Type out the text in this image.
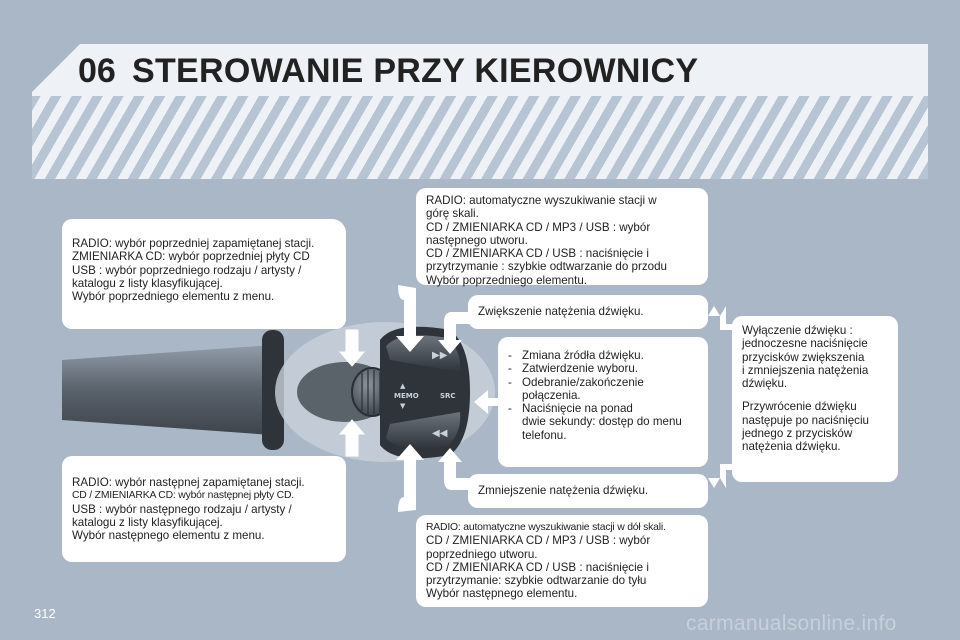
06 STEROWANIE PRZY KIEROWNICY
▶▶
◀◀
MEMO
▲
▼
SRC

RADIO: wybór poprzedniej zapamiętanej stacji.

ZMIENIARKA CD: wybór poprzedniej płyty CD

USB : wybór poprzedniego rodzaju / artysty /

katalogu z listy klasyfikującej.

Wybór poprzedniego elementu z menu.

RADIO: wybór następnej zapamiętanej stacji.

CD / ZMIENIARKA CD: wybór następnej płyty CD.

USB : wybór następnego rodzaju / artysty /

katalogu z listy klasyfikującej.

Wybór następnego elementu z menu.

RADIO: automatyczne wyszukiwanie stacji w

górę skali.

CD / ZMIENIARKA CD / MP3 / USB : wybór

następnego utworu.

CD / ZMIENIARKA CD / USB : naciśnięcie i

przytrzymanie : szybkie odtwarzanie do przodu

Wybór poprzedniego elementu.

Zwiększenie natężenia dźwięku.

- Zmiana źródła dźwięku.
- Zatwierdzenie wyboru.
- Odebranie/zakończenie
połączenia.
- Naciśnięcie na ponad
dwie sekundy: dostęp do menu
telefonu.

Zmniejszenie natężenia dźwięku.

RADIO: automatyczne wyszukiwanie stacji w dół skali.

CD / ZMIENIARKA CD / MP3 / USB : wybór

poprzedniego utworu.

CD / ZMIENIARKA CD / USB : naciśnięcie i

przytrzymanie: szybkie odtwarzanie do tyłu

Wybór następnego elementu.

Wyłączenie dźwięku :

jednoczesne naciśnięcie

przycisków zwiększenia

i zmniejszenia natężenia

dźwięku.

Przywrócenie dźwięku

następuje po naciśnięciu

jednego z przycisków

natężenia dźwięku.

312	carmanualsonline.info
